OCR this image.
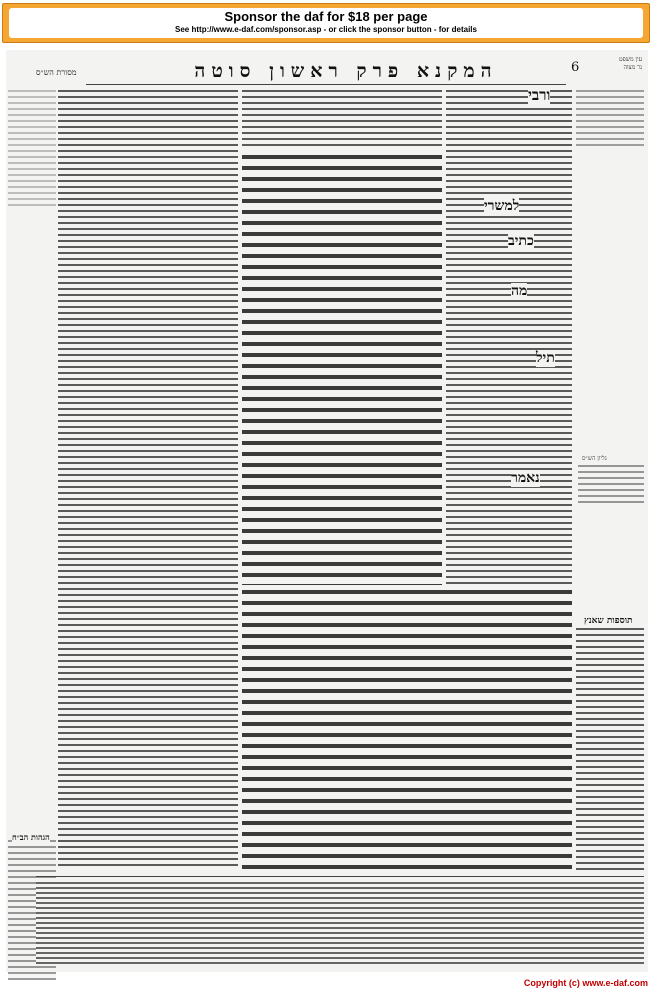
Sponsor the daf for $18 per page
See http://www.e-daf.com/sponsor.asp - or click the sponsor button - for details
עין משפט
נר מצוה
6
המקנא פרק ראשון סוטה
מסורת הש״ס
הגהות הב״ח
ורבי
למשרי
כתיב
מה
תיל
נאמר
גליון הש״ס
תוספות שאנץ
Copyright (c) www.e-daf.com
